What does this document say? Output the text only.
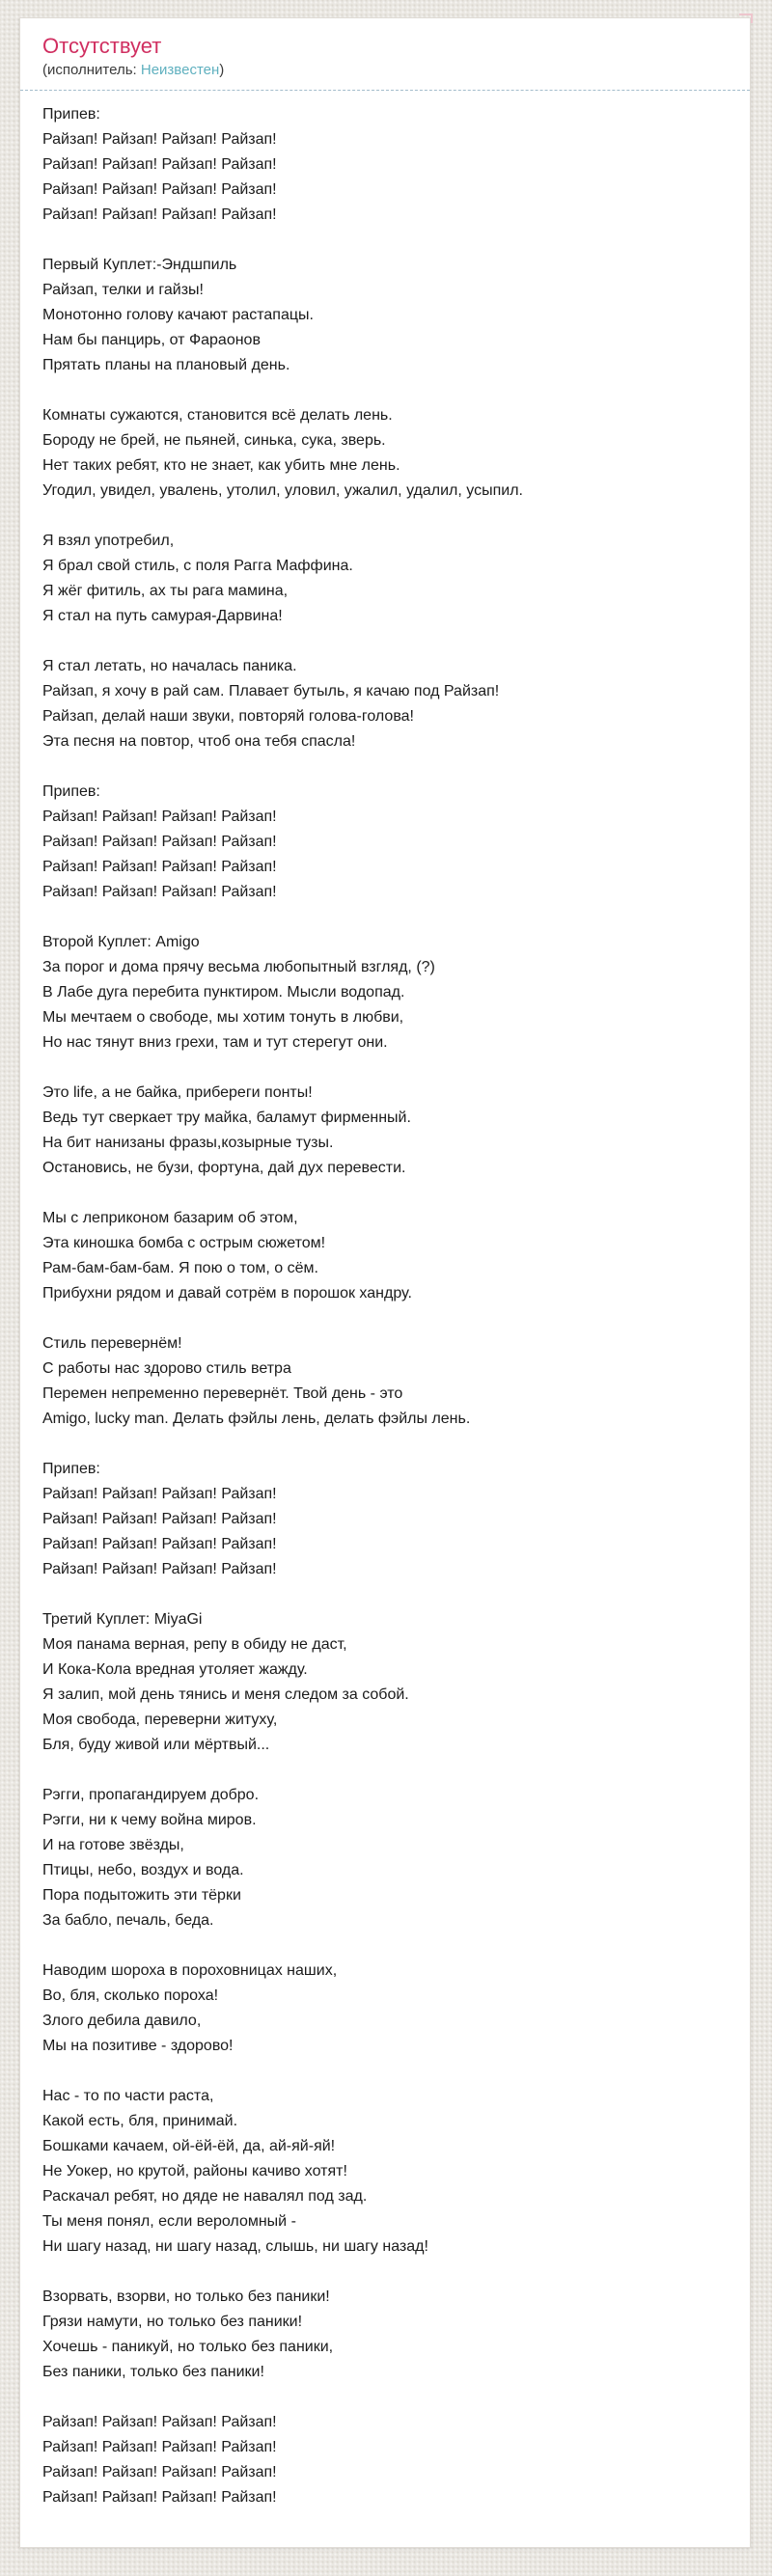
Отсутствует
(исполнитель: Неизвестен)
Припев:
Райзап! Райзап! Райзап! Райзап!
Райзап! Райзап! Райзап! Райзап!
Райзап! Райзап! Райзап! Райзап!
Райзап! Райзап! Райзап! Райзап!
Первый Куплет:-Эндшпиль
Райзап, телки и гайзы!
Монотонно голову качают растапацы.
Нам бы панцирь, от Фараонов
Прятать планы на плановый день.
Комнаты сужаются, становится всё делать лень.
Бороду не брей, не пьяней, синька, сука, зверь.
Нет таких ребят, кто не знает, как убить мне лень.
Угодил, увидел, увалень, утолил, уловил, ужалил, удалил, усыпил.
Я взял употребил,
Я брал свой стиль, с поля Рагга Маффина.
Я жёг фитиль, ах ты рага мамина,
Я стал на путь самурая-Дарвина!
Я стал летать, но началась паника.
Райзап, я хочу в рай сам. Плавает бутыль, я качаю под Райзап!
Райзап, делай наши звуки, повторяй голова-голова!
Эта песня на повтор, чтоб она тебя спасла!
Припев:
Райзап! Райзап! Райзап! Райзап!
Райзап! Райзап! Райзап! Райзап!
Райзап! Райзап! Райзап! Райзап!
Райзап! Райзап! Райзап! Райзап!
Второй Куплет: Amigo
За порог и дома прячу весьма любопытный взгляд, (?)
В Лабе дуга перебита пунктиром. Мысли водопад.
Мы мечтаем о свободе, мы хотим тонуть в любви,
Но нас тянут вниз грехи, там и тут стерегут они.
Это life, а не байка, прибереги понты!
Ведь тут сверкает тру майка, баламут фирменный.
На бит нанизаны фразы,козырные тузы.
Остановись, не бузи, фортуна, дай дух перевести.
Мы с леприконом базарим об этом,
Эта киношка бомба с острым сюжетом!
Рам-бам-бам-бам. Я пою о том, о сём.
Прибухни рядом и давай сотрём в порошок хандру.
Стиль перевернём!
С работы нас здорово стиль ветра
Перемен непременно перевернёт. Твой день - это
Amigo, lucky man. Делать фэйлы лень, делать фэйлы лень.
Припев:
Райзап! Райзап! Райзап! Райзап!
Райзап! Райзап! Райзап! Райзап!
Райзап! Райзап! Райзап! Райзап!
Райзап! Райзап! Райзап! Райзап!
Третий Куплет: MiyaGi
Моя панама верная, репу в обиду не даст,
И Кока-Кола вредная утоляет жажду.
Я залип, мой день тянись и меня следом за собой.
Моя свобода, переверни житуху,
Бля, буду живой или мёртвый...
Рэгги, пропагандируем добро.
Рэгги, ни к чему война миров.
И на готове звёзды,
Птицы, небо, воздух и вода.
Пора подытожить эти тёрки
За бабло, печаль, беда.
Наводим шороха в пороховницах наших,
Во, бля, сколько пороха!
Злого дебила давило,
Мы на позитиве - здорово!
Нас - то по части раста,
Какой есть, бля, принимай.
Бошками качаем, ой-ёй-ёй, да, ай-яй-яй!
Не Уокер, но крутой, районы качиво хотят!
Раскачал ребят, но дяде не навалял под зад.
Ты меня понял, если вероломный -
Ни шагу назад, ни шагу назад, слышь, ни шагу назад!
Взорвать, взорви, но только без паники!
Грязи намути, но только без паники!
Хочешь - паникуй, но только без паники,
Без паники, только без паники!
Райзап! Райзап! Райзап! Райзап!
Райзап! Райзап! Райзап! Райзап!
Райзап! Райзап! Райзап! Райзап!
Райзап! Райзап! Райзап! Райзап!
